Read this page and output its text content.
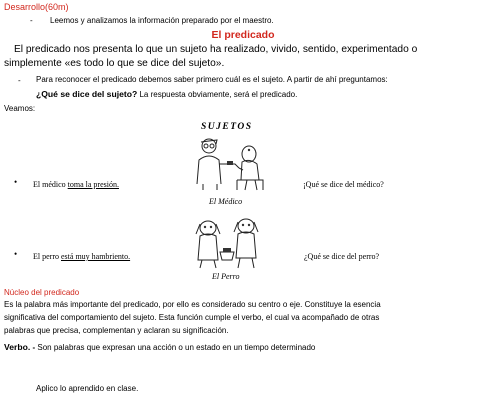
Desarrollo(60m)
- Leemos y analizamos la información preparado por el maestro.
El predicado
El predicado nos presenta lo que un sujeto ha realizado, vivido, sentido, experimentado o
simplemente «es todo lo que se dice del sujeto».
- Para reconocer el predicado debemos saber primero cuál es el sujeto. A partir de ahí preguntamos:
¿Qué se dice del sujeto? La respuesta obviamente, será el predicado.
Veamos:
SUJETOS
• El médico toma la presión.
El Médico
¡Qué se dice del médico?
• El perro está muy hambriento.
El Perro
¿Qué se dice del perro?
Núcleo del predicado
Es la palabra más importante del predicado, por ello es considerado su centro o eje. Constituye la esencia
significativa del comportamiento del sujeto. Esta función cumple el verbo, el cual va acompañado de otras
palabras que precisa, complementan y aclaran su significación.
Verbo. - Son palabras que expresan una acción o un estado en un tiempo determinado
Aplico lo aprendido en clase.
